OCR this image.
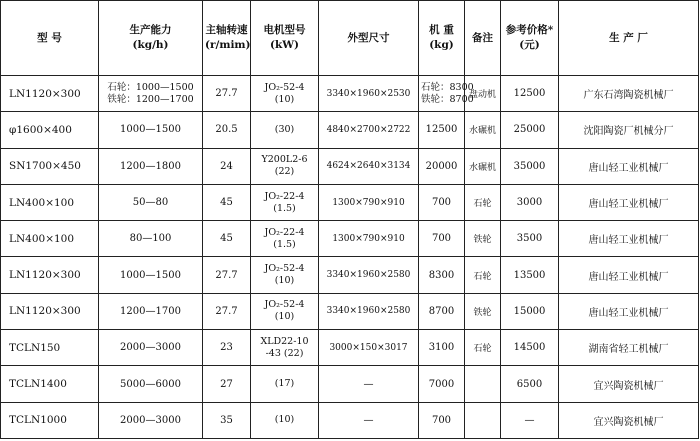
型 号	生产能力
(kg/h)	主轴转速
(r/mim)	电机型号
(kW)	外型尺寸	机 重
(kg)	备注	参考价格*
(元)	生 产 厂
LN1120×300	石轮：1000—1500
铁轮：1200—1700	27.7	JO₂-52-4
(10)	3340×1960×2530	石轮：8300
铁轮：8700	盘动机	12500	广东石湾陶瓷机械厂
φ1600×400	1000—1500	20.5	(30)	4840×2700×2722	12500	水碾机	25000	沈阳陶瓷厂机械分厂
SN1700×450	1200—1800	24	Y200L2-6
(22)	4624×2640×3134	20000	水碾机	35000	唐山轻工业机械厂
LN400×100	50—80	45	JO₂-22-4
(1.5)	1300×790×910	700	石轮	3000	唐山轻工业机械厂
LN400×100	80—100	45	JO₂-22-4
(1.5)	1300×790×910	700	铁轮	3500	唐山轻工业机械厂
LN1120×300	1000—1500	27.7	JO₂-52-4
(10)	3340×1960×2580	8300	石轮	13500	唐山轻工业机械厂
LN1120×300	1200—1700	27.7	JO₂-52-4
(10)	3340×1960×2580	8700	铁轮	15000	唐山轻工业机械厂
TCLN150	2000—3000	23	XLD22-10
-43 (22)	3000×150×3017	3100	石轮	14500	湖南省轻工机械厂
TCLN1400	5000—6000	27	(17)	—	7000		6500	宜兴陶瓷机械厂
TCLN1000	2000—3000	35	(10)	—	700		—	宜兴陶瓷机械厂
